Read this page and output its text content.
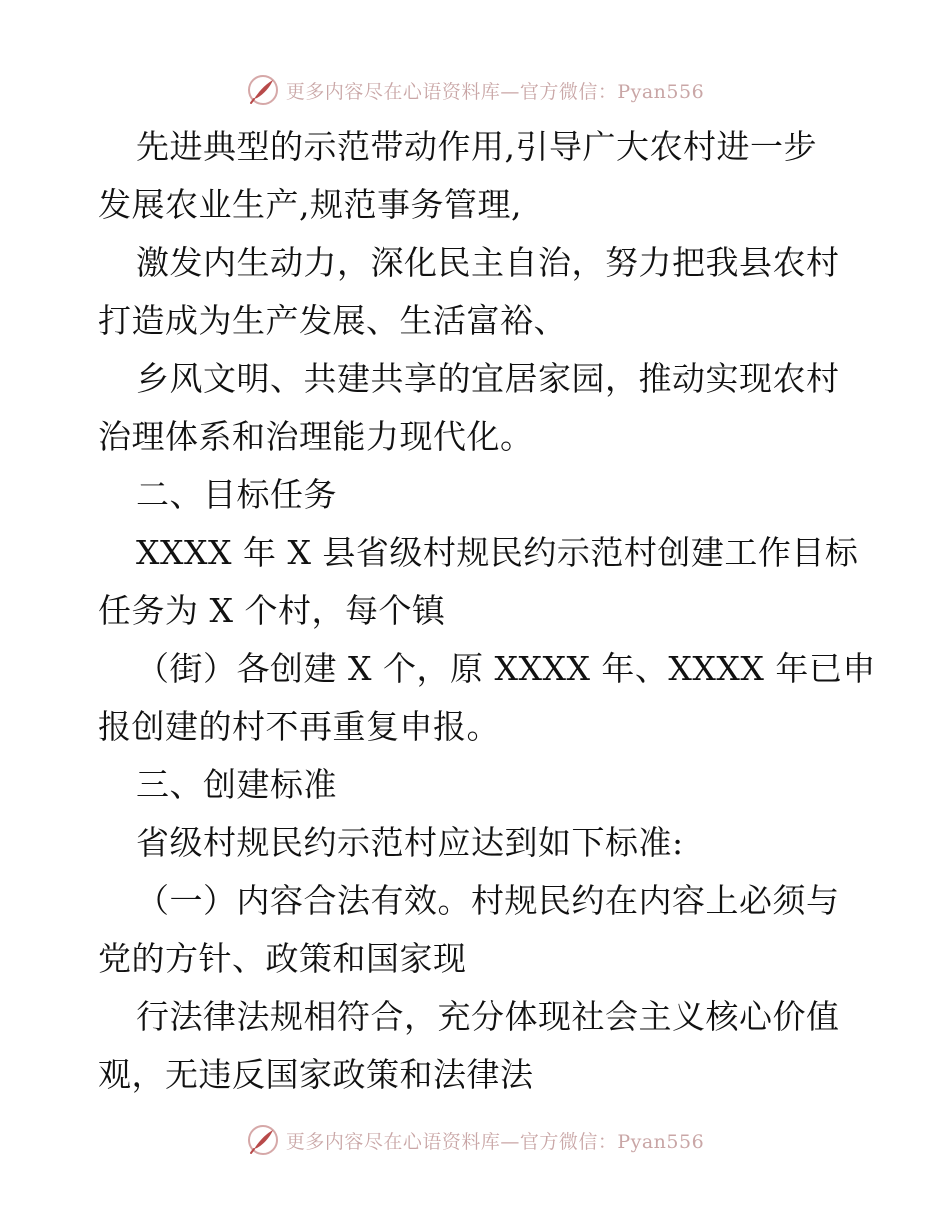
更多内容尽在心语资料库—官方微信：Pyan556
先进典型的示范带动作用,引导广大农村进一步
发展农业生产,规范事务管理,
激发内生动力，深化民主自治，努力把我县农村
打造成为生产发展、生活富裕、
乡风文明、共建共享的宜居家园，推动实现农村
治理体系和治理能力现代化。
二、目标任务
XXXX 年 X 县省级村规民约示范村创建工作目标
任务为 X 个村，每个镇
（街）各创建 X 个，原 XXXX 年、XXXX 年已申
报创建的村不再重复申报。
三、创建标准
省级村规民约示范村应达到如下标准:
（一）内容合法有效。村规民约在内容上必须与
党的方针、政策和国家现
行法律法规相符合，充分体现社会主义核心价值
观，无违反国家政策和法律法
更多内容尽在心语资料库—官方微信：Pyan556
